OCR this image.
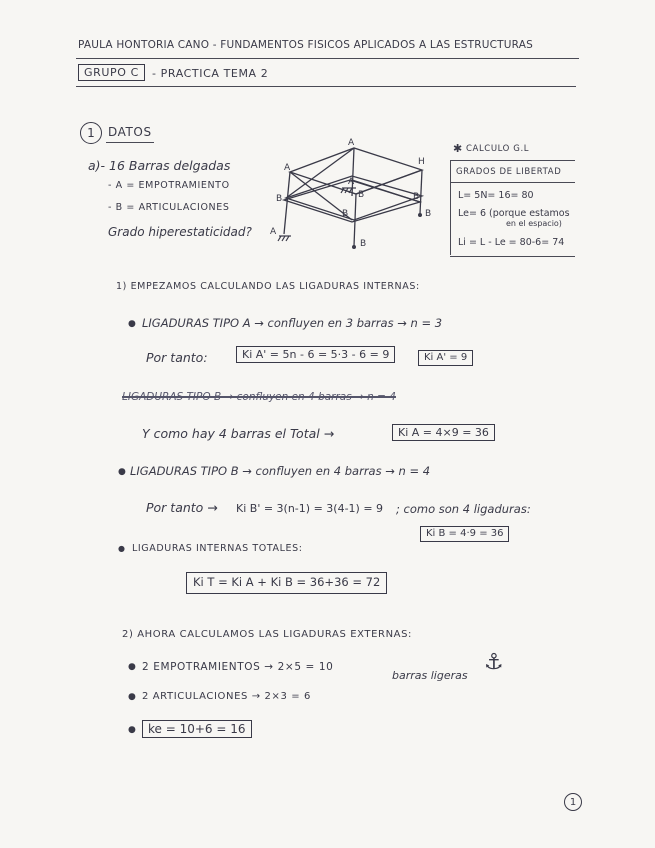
PAULA HONTORIA CANO - FUNDAMENTOS FISICOS APLICADOS A LAS ESTRUCTURAS
GRUPO C	- PRACTICA TEMA 2
1 DATOS
a)- 16 Barras delgadas
- A = EMPOTRAMIENTO
- B = ARTICULACIONES
Grado hiperestaticidad?
A
A
H
B
A
B
B
B
A
B
B
✱ CALCULO G.L
GRADOS DE LIBERTAD
L= 5N= 16= 80
Le= 6 (porque estamos
en el espacio)
Li = L - Le = 80-6= 74
1) EMPEZAMOS CALCULANDO LAS LIGADURAS INTERNAS:
● LIGADURAS TIPO A → confluyen en 3 barras → n = 3
Por tanto:	Ki A' = 5n - 6 = 5·3 - 6 = 9	Ki A' = 9
LIGADURAS TIPO B → confluyen en 4 barras → n = 4
Y como hay 4 barras el Total →	Ki A = 4×9 = 36
● LIGADURAS TIPO B → confluyen en 4 barras → n = 4
Por tanto → Ki B' = 3(n-1) = 3(4-1) = 9 ; como son 4 ligaduras:
Ki B = 4·9 = 36
● LIGADURAS INTERNAS TOTALES:
Ki T = Ki A + Ki B = 36+36 = 72
2) AHORA CALCULAMOS LAS LIGADURAS EXTERNAS:
● 2 EMPOTRAMIENTOS → 2×5 = 10
barras ligeras
⚓
● 2 ARTICULACIONES → 2×3 = 6
●	ke = 10+6 = 16
1
